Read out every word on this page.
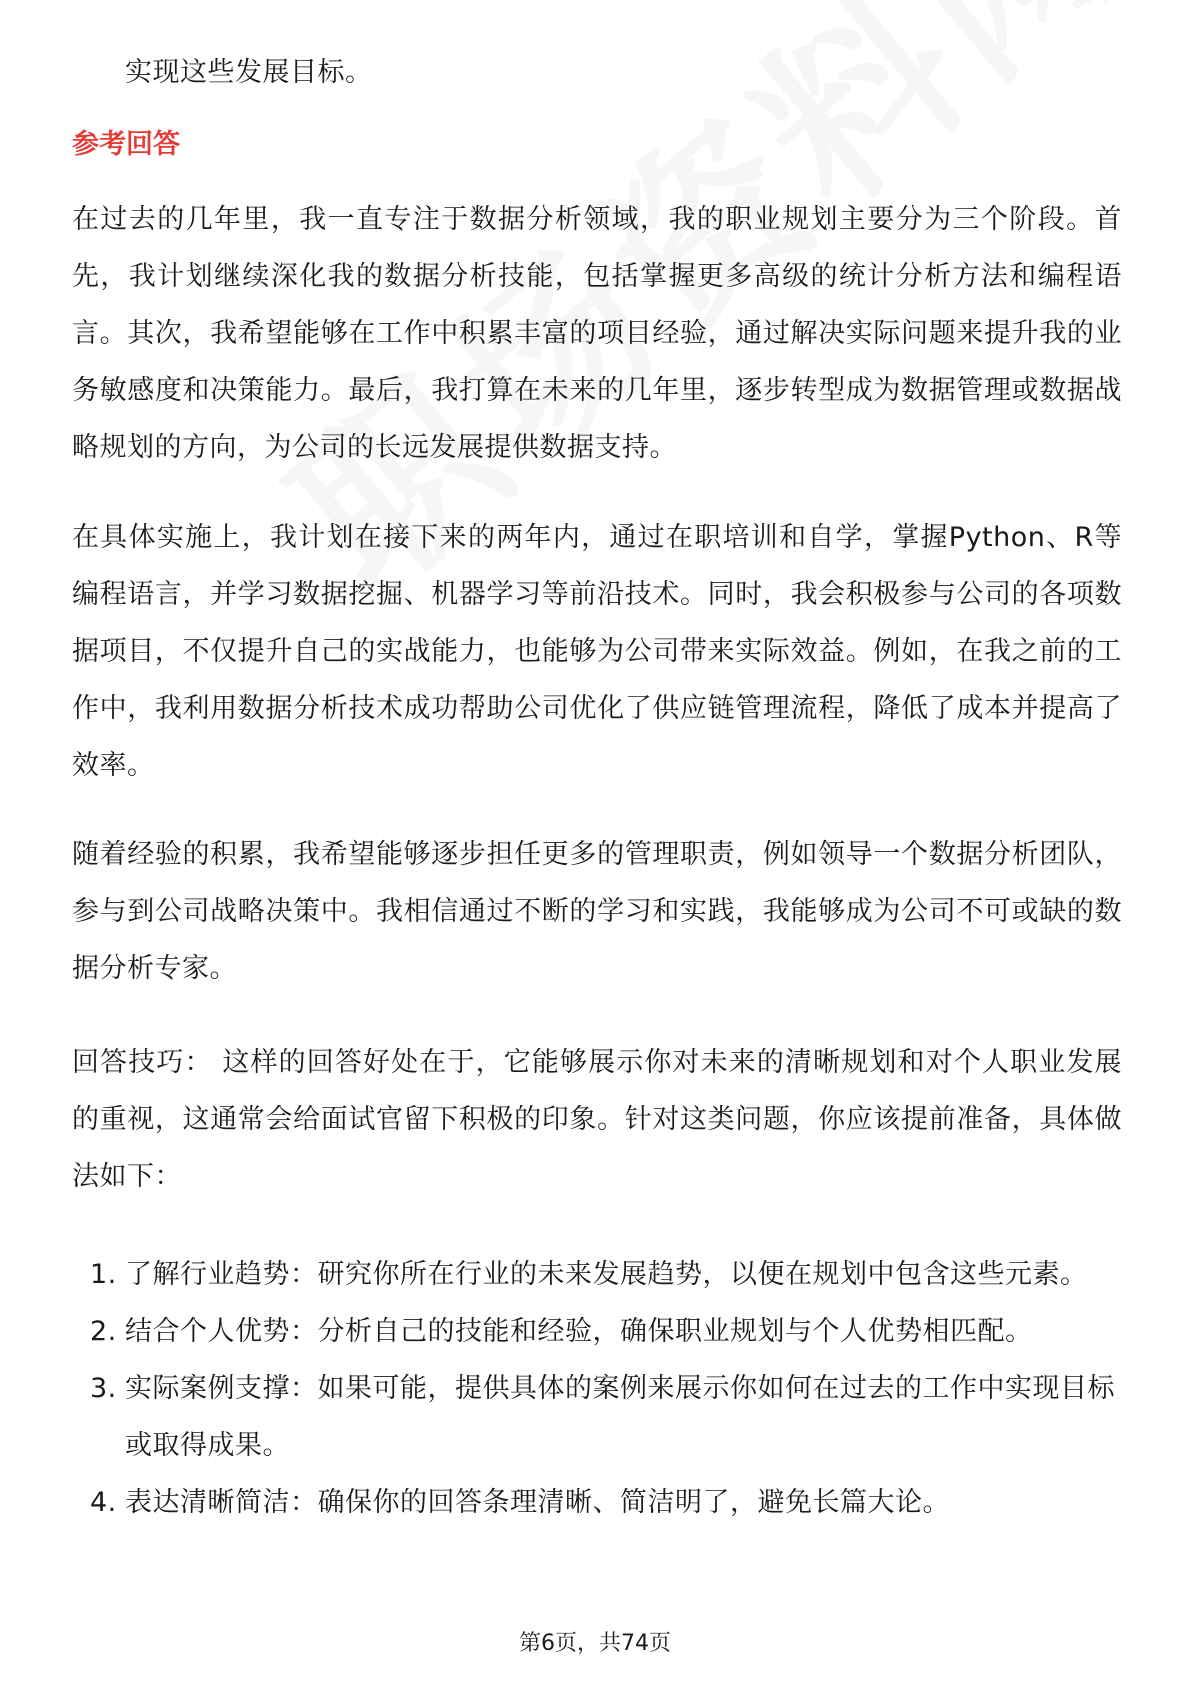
实现这些发展目标。
参考回答

在过去的几年里，我一直专注于数据分析领域，我的职业规划主要分为三个阶段。首先，我计划继续深化我的数据分析技能，包括掌握更多高级的统计分析方法和编程语言。其次，我希望能够在工作中积累丰富的项目经验，通过解决实际问题来提升我的业务敏感度和决策能力。最后，我打算在未来的几年里，逐步转型成为数据管理或数据战略规划的方向，为公司的长远发展提供数据支持。

在具体实施上，我计划在接下来的两年内，通过在职培训和自学，掌握Python、R等编程语言，并学习数据挖掘、机器学习等前沿技术。同时，我会积极参与公司的各项数据项目，不仅提升自己的实战能力，也能够为公司带来实际效益。例如，在我之前的工作中，我利用数据分析技术成功帮助公司优化了供应链管理流程，降低了成本并提高了效率。

随着经验的积累，我希望能够逐步担任更多的管理职责，例如领导一个数据分析团队，参与到公司战略决策中。我相信通过不断的学习和实践，我能够成为公司不可或缺的数据分析专家。

回答技巧： 这样的回答好处在于，它能够展示你对未来的清晰规划和对个人职业发展的重视，这通常会给面试官留下积极的印象。针对这类问题，你应该提前准备，具体做法如下：

1. 了解行业趋势：研究你所在行业的未来发展趋势，以便在规划中包含这些元素。
2. 结合个人优势：分析自己的技能和经验，确保职业规划与个人优势相匹配。
3. 实际案例支撑：如果可能，提供具体的案例来展示你如何在过去的工作中实现目标或取得成果。
4. 表达清晰简洁：确保你的回答条理清晰、简洁明了，避免长篇大论。
第6页，共74页
